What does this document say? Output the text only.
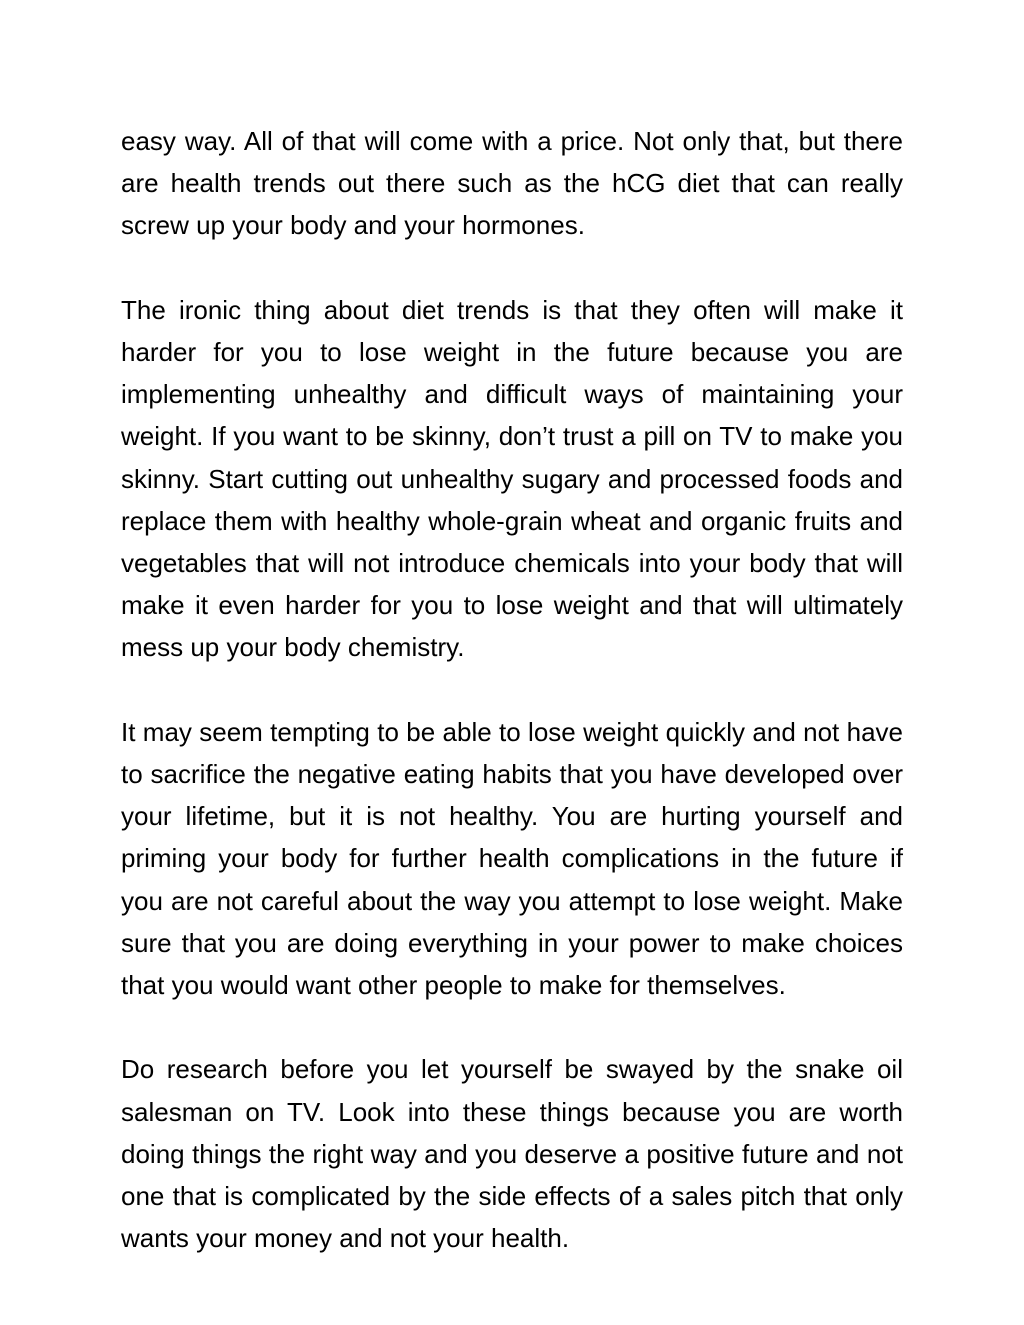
easy way. All of that will come with a price. Not only that, but there are health trends out there such as the hCG diet that can really screw up your body and your hormones.

The ironic thing about diet trends is that they often will make it harder for you to lose weight in the future because you are implementing unhealthy and difficult ways of maintaining your weight. If you want to be skinny, don’t trust a pill on TV to make you skinny. Start cutting out unhealthy sugary and processed foods and replace them with healthy whole-grain wheat and organic fruits and vegetables that will not introduce chemicals into your body that will make it even harder for you to lose weight and that will ultimately mess up your body chemistry.

It may seem tempting to be able to lose weight quickly and not have to sacrifice the negative eating habits that you have developed over your lifetime, but it is not healthy. You are hurting yourself and priming your body for further health complications in the future if you are not careful about the way you attempt to lose weight. Make sure that you are doing everything in your power to make choices that you would want other people to make for themselves.

Do research before you let yourself be swayed by the snake oil salesman on TV. Look into these things because you are worth doing things the right way and you deserve a positive future and not one that is complicated by the side effects of a sales pitch that only wants your money and not your health.
